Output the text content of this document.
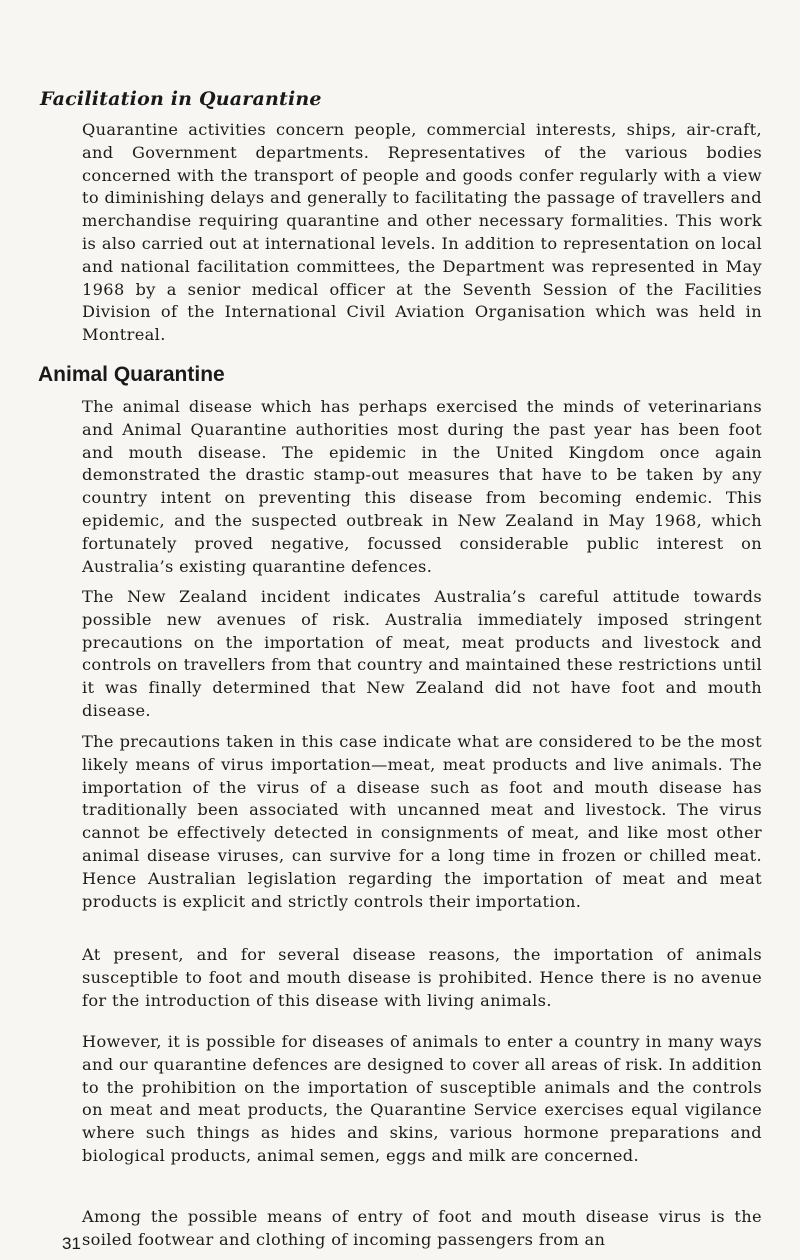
Facilitation in Quarantine

Quarantine activities concern people, commercial interests, ships, air-craft, and Government departments. Representatives of the various bodies concerned with the transport of people and goods confer regularly with a view to diminishing delays and generally to facilitating the passage of travellers and merchandise requiring quarantine and other necessary formalities. This work is also carried out at international levels. In addition to representation on local and national facilitation committees, the Department was represented in May 1968 by a senior medical officer at the Seventh Session of the Facilities Division of the International Civil Aviation Organisation which was held in Montreal.

Animal Quarantine

The animal disease which has perhaps exercised the minds of veterinarians and Animal Quarantine authorities most during the past year has been foot and mouth disease. The epidemic in the United Kingdom once again demonstrated the drastic stamp-out measures that have to be taken by any country intent on preventing this disease from becoming endemic. This epidemic, and the suspected outbreak in New Zealand in May 1968, which fortunately proved negative, focussed considerable public interest on Australia’s existing quarantine defences.

The New Zealand incident indicates Australia’s careful attitude towards possible new avenues of risk. Australia immediately imposed stringent precautions on the importation of meat, meat products and livestock and controls on travellers from that country and maintained these restrictions until it was finally determined that New Zealand did not have foot and mouth disease.

The precautions taken in this case indicate what are considered to be the most likely means of virus importation—meat, meat products and live animals. The importation of the virus of a disease such as foot and mouth disease has traditionally been associated with uncanned meat and livestock. The virus cannot be effectively detected in consignments of meat, and like most other animal disease viruses, can survive for a long time in frozen or chilled meat. Hence Australian legislation regarding the importation of meat and meat products is explicit and strictly controls their importation.

At present, and for several disease reasons, the importation of animals susceptible to foot and mouth disease is prohibited. Hence there is no avenue for the introduction of this disease with living animals.

However, it is possible for diseases of animals to enter a country in many ways and our quarantine defences are designed to cover all areas of risk. In addition to the prohibition on the importation of susceptible animals and the controls on meat and meat products, the Quarantine Service exercises equal vigilance where such things as hides and skins, various hormone preparations and biological products, animal semen, eggs and milk are concerned.

Among the possible means of entry of foot and mouth disease virus is the soiled footwear and clothing of incoming passengers from an

31
